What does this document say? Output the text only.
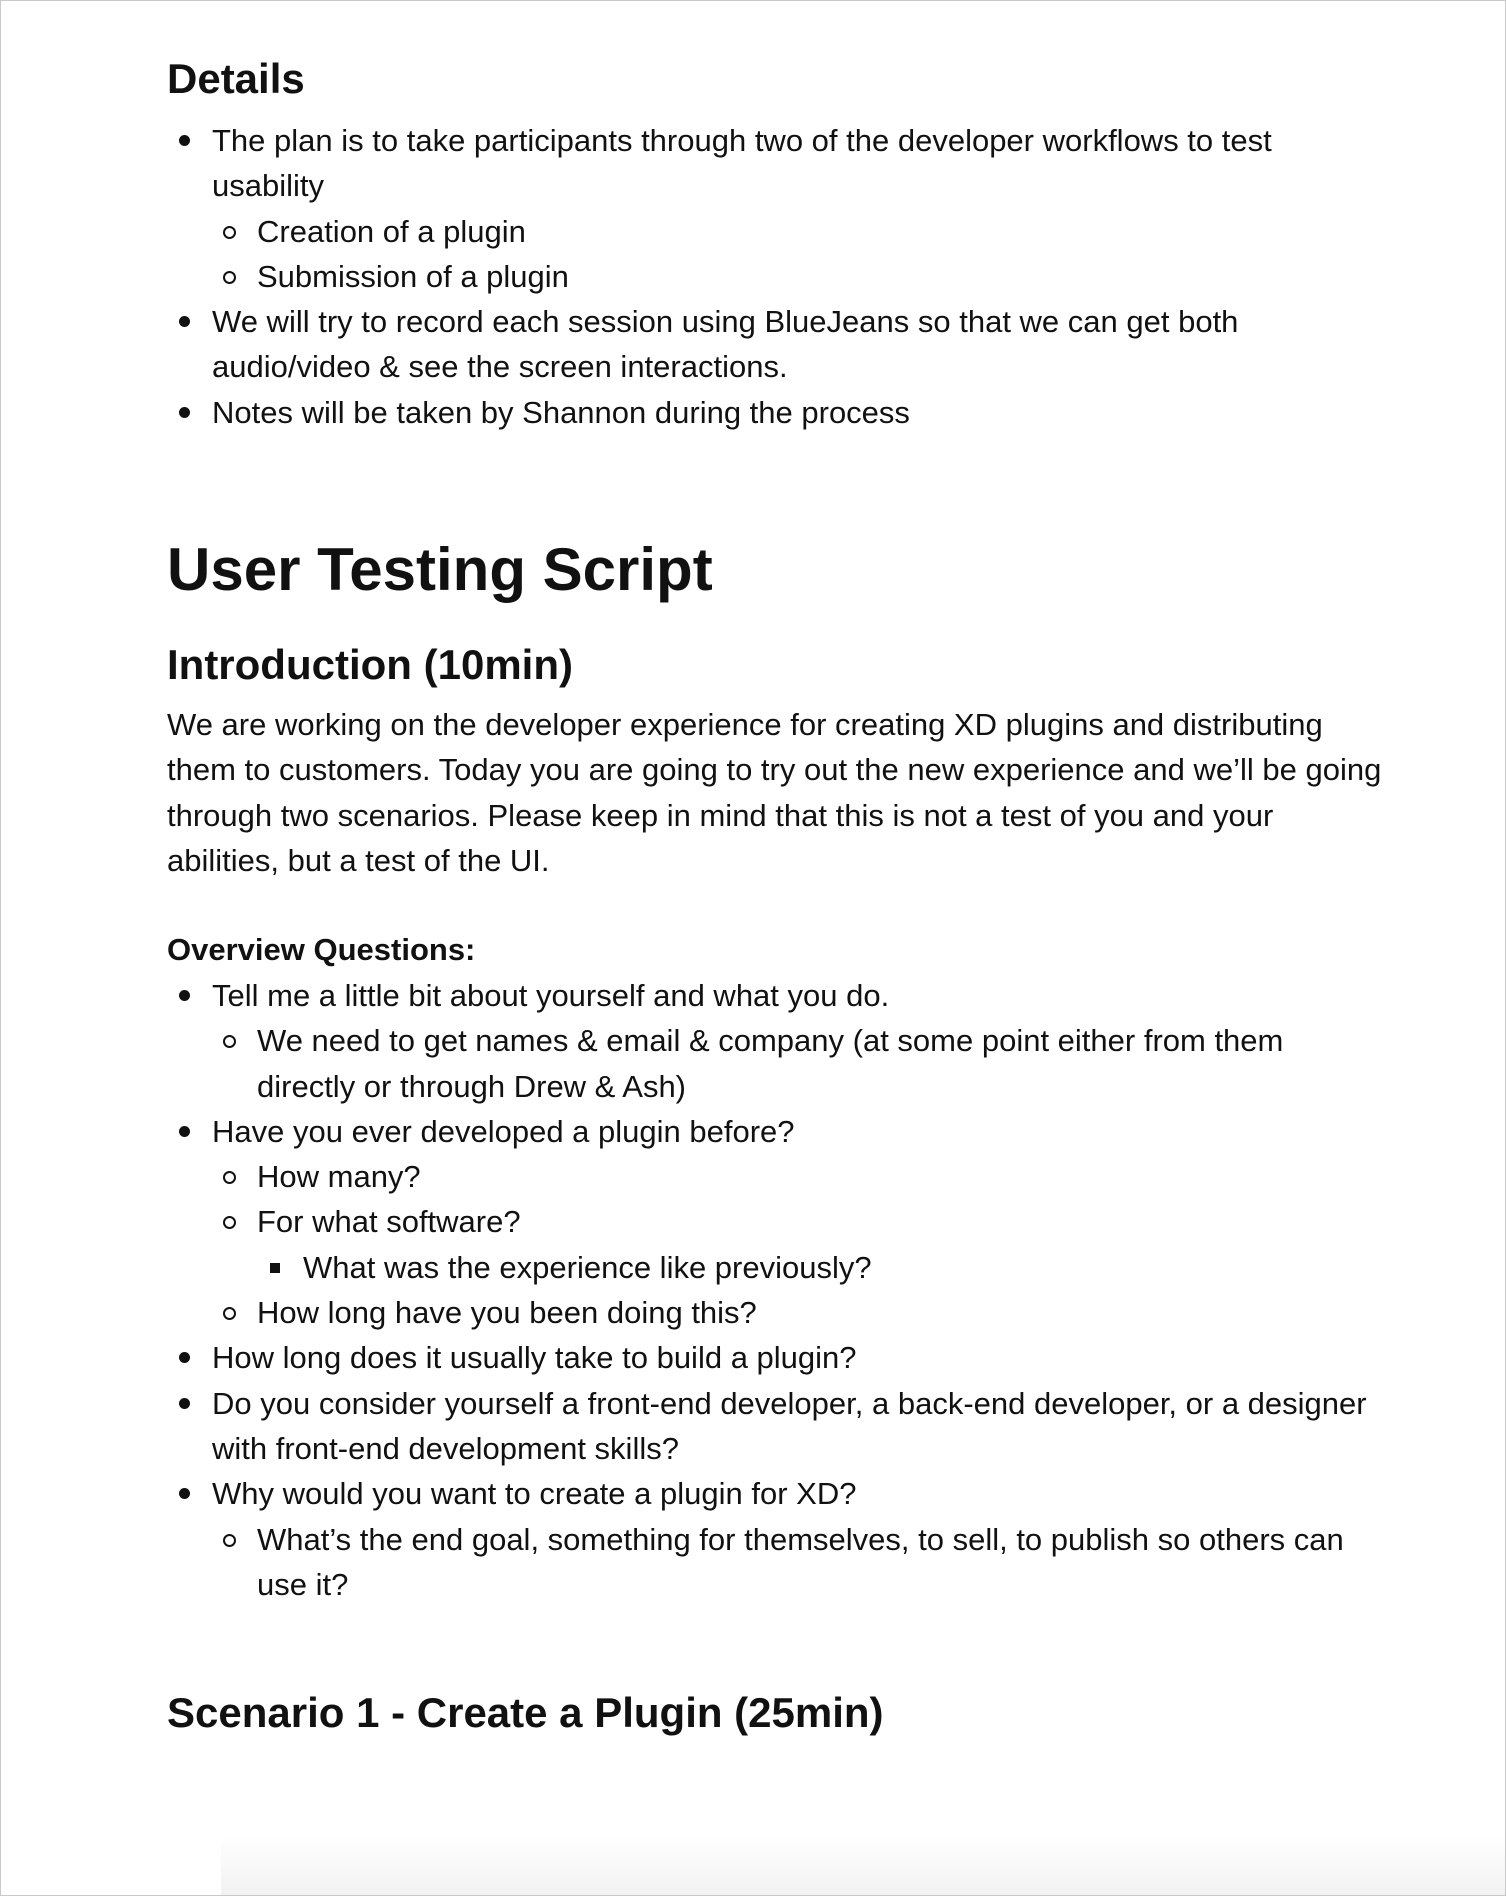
Details
The plan is to take participants through two of the developer workflows to test usability
Creation of a plugin
Submission of a plugin
We will try to record each session using BlueJeans so that we can get both audio/video & see the screen interactions.
Notes will be taken by Shannon during the process
User Testing Script
Introduction (10min)

We are working on the developer experience for creating XD plugins and distributing them to customers. Today you are going to try out the new experience and we’ll be going through two scenarios. Please keep in mind that this is not a test of you and your abilities, but a test of the UI.

Overview Questions:

Tell me a little bit about yourself and what you do.
We need to get names & email & company (at some point either from them directly or through Drew & Ash)
Have you ever developed a plugin before?
How many?
For what software?
What was the experience like previously?
How long have you been doing this?
How long does it usually take to build a plugin?
Do you consider yourself a front-end developer, a back-end developer, or a designer with front-end development skills?
Why would you want to create a plugin for XD?
What’s the end goal, something for themselves, to sell, to publish so others can use it?
Scenario 1 - Create a Plugin (25min)
